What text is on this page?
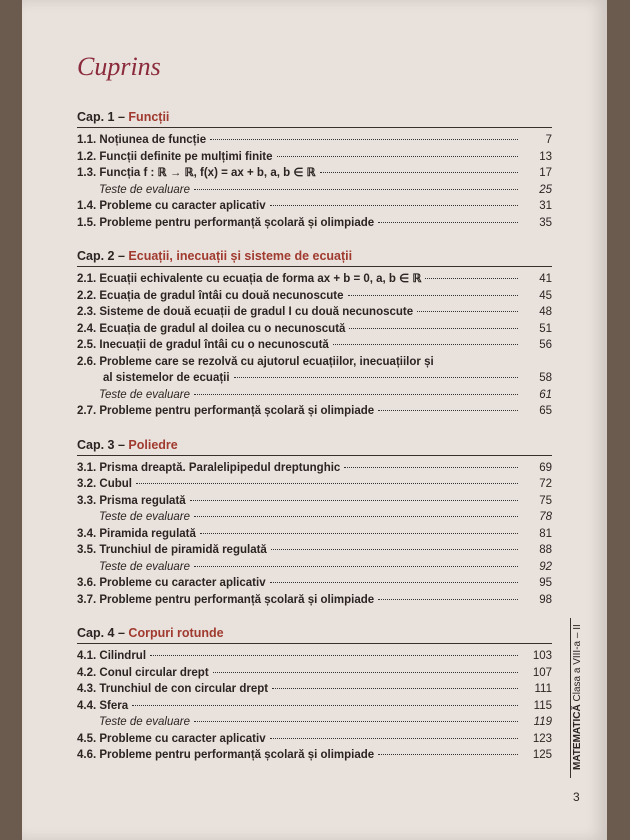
Cuprins
Cap. 1 – Funcții
1.1.
Noțiunea de funcție	7
1.2.
Funcții definite pe mulțimi finite	13
1.3.
Funcția f : ℝ → ℝ, f(x) = ax + b, a, b ∈ ℝ	17
Teste de evaluare	25
1.4.
Probleme cu caracter aplicativ	31
1.5.
Probleme pentru performanță școlară și olimpiade	35
Cap. 2 – Ecuații, inecuații și sisteme de ecuații
2.1.
Ecuații echivalente cu ecuația de forma ax + b = 0, a, b ∈ ℝ	41
2.2.
Ecuația de gradul întâi cu două necunoscute	45
2.3.
Sisteme de două ecuații de gradul I cu două necunoscute	48
2.4.
Ecuația de gradul al doilea cu o necunoscută	51
2.5.
Inecuații de gradul întâi cu o necunoscută	56
2.6.
Probleme care se rezolvă cu ajutorul ecuațiilor, inecuațiilor și
al sistemelor de ecuații	58
Teste de evaluare	61
2.7.
Probleme pentru performanță școlară și olimpiade	65
Cap. 3 – Poliedre
3.1.
Prisma dreaptă. Paralelipipedul dreptunghic	69
3.2.
Cubul	72
3.3.
Prisma regulată	75
Teste de evaluare	78
3.4.
Piramida regulată	81
3.5.
Trunchiul de piramidă regulată	88
Teste de evaluare	92
3.6.
Probleme cu caracter aplicativ	95
3.7.
Probleme pentru performanță școlară și olimpiade	98
Cap. 4 – Corpuri rotunde
4.1.
Cilindrul	103
4.2.
Conul circular drept	107
4.3.
Trunchiul de con circular drept	111
4.4.
Sfera	115
Teste de evaluare	119
4.5.
Probleme cu caracter aplicativ	123
4.6.
Probleme pentru performanță școlară și olimpiade	125 MATEMATICĂ Clasa a VIII-a – II
3
